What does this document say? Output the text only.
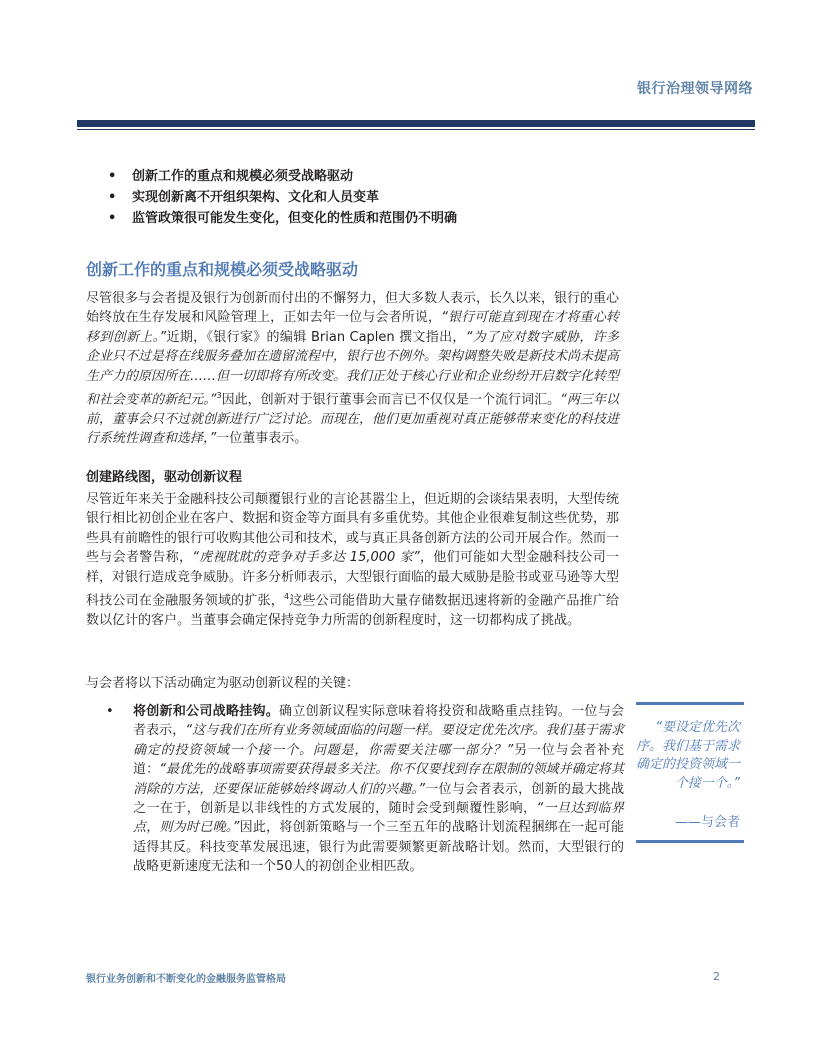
银行治理领导网络
• 创新工作的重点和规模必须受战略驱动
• 实现创新离不开组织架构、文化和人员变革
• 监管政策很可能发生变化，但变化的性质和范围仍不明确
创新工作的重点和规模必须受战略驱动
尽管很多与会者提及银行为创新而付出的不懈努力，但大多数人表示，长久以来，银行的重心始终放在生存发展和风险管理上，正如去年一位与会者所说，“银行可能直到现在才将重心转移到创新上。”近期，《银行家》的编辑 Brian Caplen 撰文指出，“为了应对数字威胁，许多企业只不过是将在线服务叠加在遗留流程中，银行也不例外。架构调整失败是新技术尚未提高生产力的原因所在……但一切即将有所改变。我们正处于核心行业和企业纷纷开启数字化转型和社会变革的新纪元。”$^3$因此，创新对于银行董事会而言已不仅仅是一个流行词汇。“两三年以前，董事会只不过就创新进行广泛讨论。而现在，他们更加重视对真正能够带来变化的科技进行系统性调查和选择，”一位董事表示。
创建路线图，驱动创新议程
尽管近年来关于金融科技公司颠覆银行业的言论甚嚣尘上，但近期的会谈结果表明，大型传统银行相比初创企业在客户、数据和资金等方面具有多重优势。其他企业很难复制这些优势，那些具有前瞻性的银行可收购其他公司和技术，或与真正具备创新方法的公司开展合作。然而一些与会者警告称，“虎视眈眈的竞争对手多达 15,000 家”，他们可能如大型金融科技公司一样，对银行造成竞争威胁。许多分析师表示，大型银行面临的最大威胁是脸书或亚马逊等大型科技公司在金融服务领域的扩张，$^4$这些公司能借助大量存储数据迅速将新的金融产品推广给数以亿计的客户。当董事会确定保持竞争力所需的创新程度时，这一切都构成了挑战。
与会者将以下活动确定为驱动创新议程的关键：
• 将创新和公司战略挂钩。确立创新议程实际意味着将投资和战略重点挂钩。一位与会者表示，“这与我们在所有业务领域面临的问题一样。要设定优先次序。我们基于需求确定的投资领域一个接一个。问题是，你需要关注哪一部分？”另一位与会者补充道：“最优先的战略事项需要获得最多关注。你不仅要找到存在限制的领域并确定将其消除的方法，还要保证能够始终调动人们的兴趣。”一位与会者表示，创新的最大挑战之一在于，创新是以非线性的方式发展的，随时会受到颠覆性影响，“一旦达到临界点，则为时已晚。”因此，将创新策略与一个三至五年的战略计划流程捆绑在一起可能适得其反。科技变革发展迅速，银行为此需要频繁更新战略计划。然而，大型银行的战略更新速度无法和一个50人的初创企业相匹敌。
“要设定优先次序。我们基于需求确定的投资领域一个接一个。”
——与会者
银行业务创新和不断变化的金融服务监管格局	2
